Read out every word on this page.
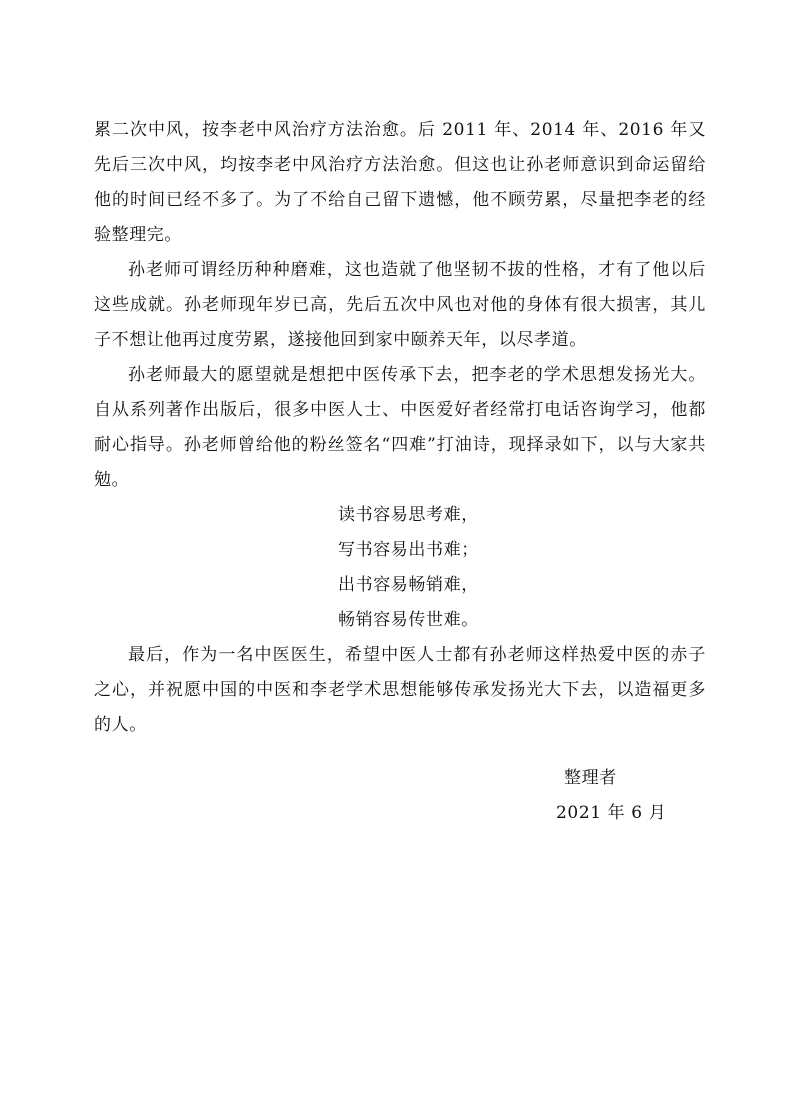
累二次中风，按李老中风治疗方法治愈。后 2011 年、2014 年、2016 年又先后三次中风，均按李老中风治疗方法治愈。但这也让孙老师意识到命运留给他的时间已经不多了。为了不给自己留下遗憾，他不顾劳累，尽量把李老的经验整理完。

孙老师可谓经历种种磨难，这也造就了他坚韧不拔的性格，才有了他以后这些成就。孙老师现年岁已高，先后五次中风也对他的身体有很大损害，其儿子不想让他再过度劳累，遂接他回到家中颐养天年，以尽孝道。

孙老师最大的愿望就是想把中医传承下去，把李老的学术思想发扬光大。自从系列著作出版后，很多中医人士、中医爱好者经常打电话咨询学习，他都耐心指导。孙老师曾给他的粉丝签名“四难”打油诗，现择录如下，以与大家共勉。

读书容易思考难，
写书容易出书难；
出书容易畅销难，
畅销容易传世难。

最后，作为一名中医医生，希望中医人士都有孙老师这样热爱中医的赤子之心，并祝愿中国的中医和李老学术思想能够传承发扬光大下去，以造福更多的人。

整理者
2021 年 6 月
